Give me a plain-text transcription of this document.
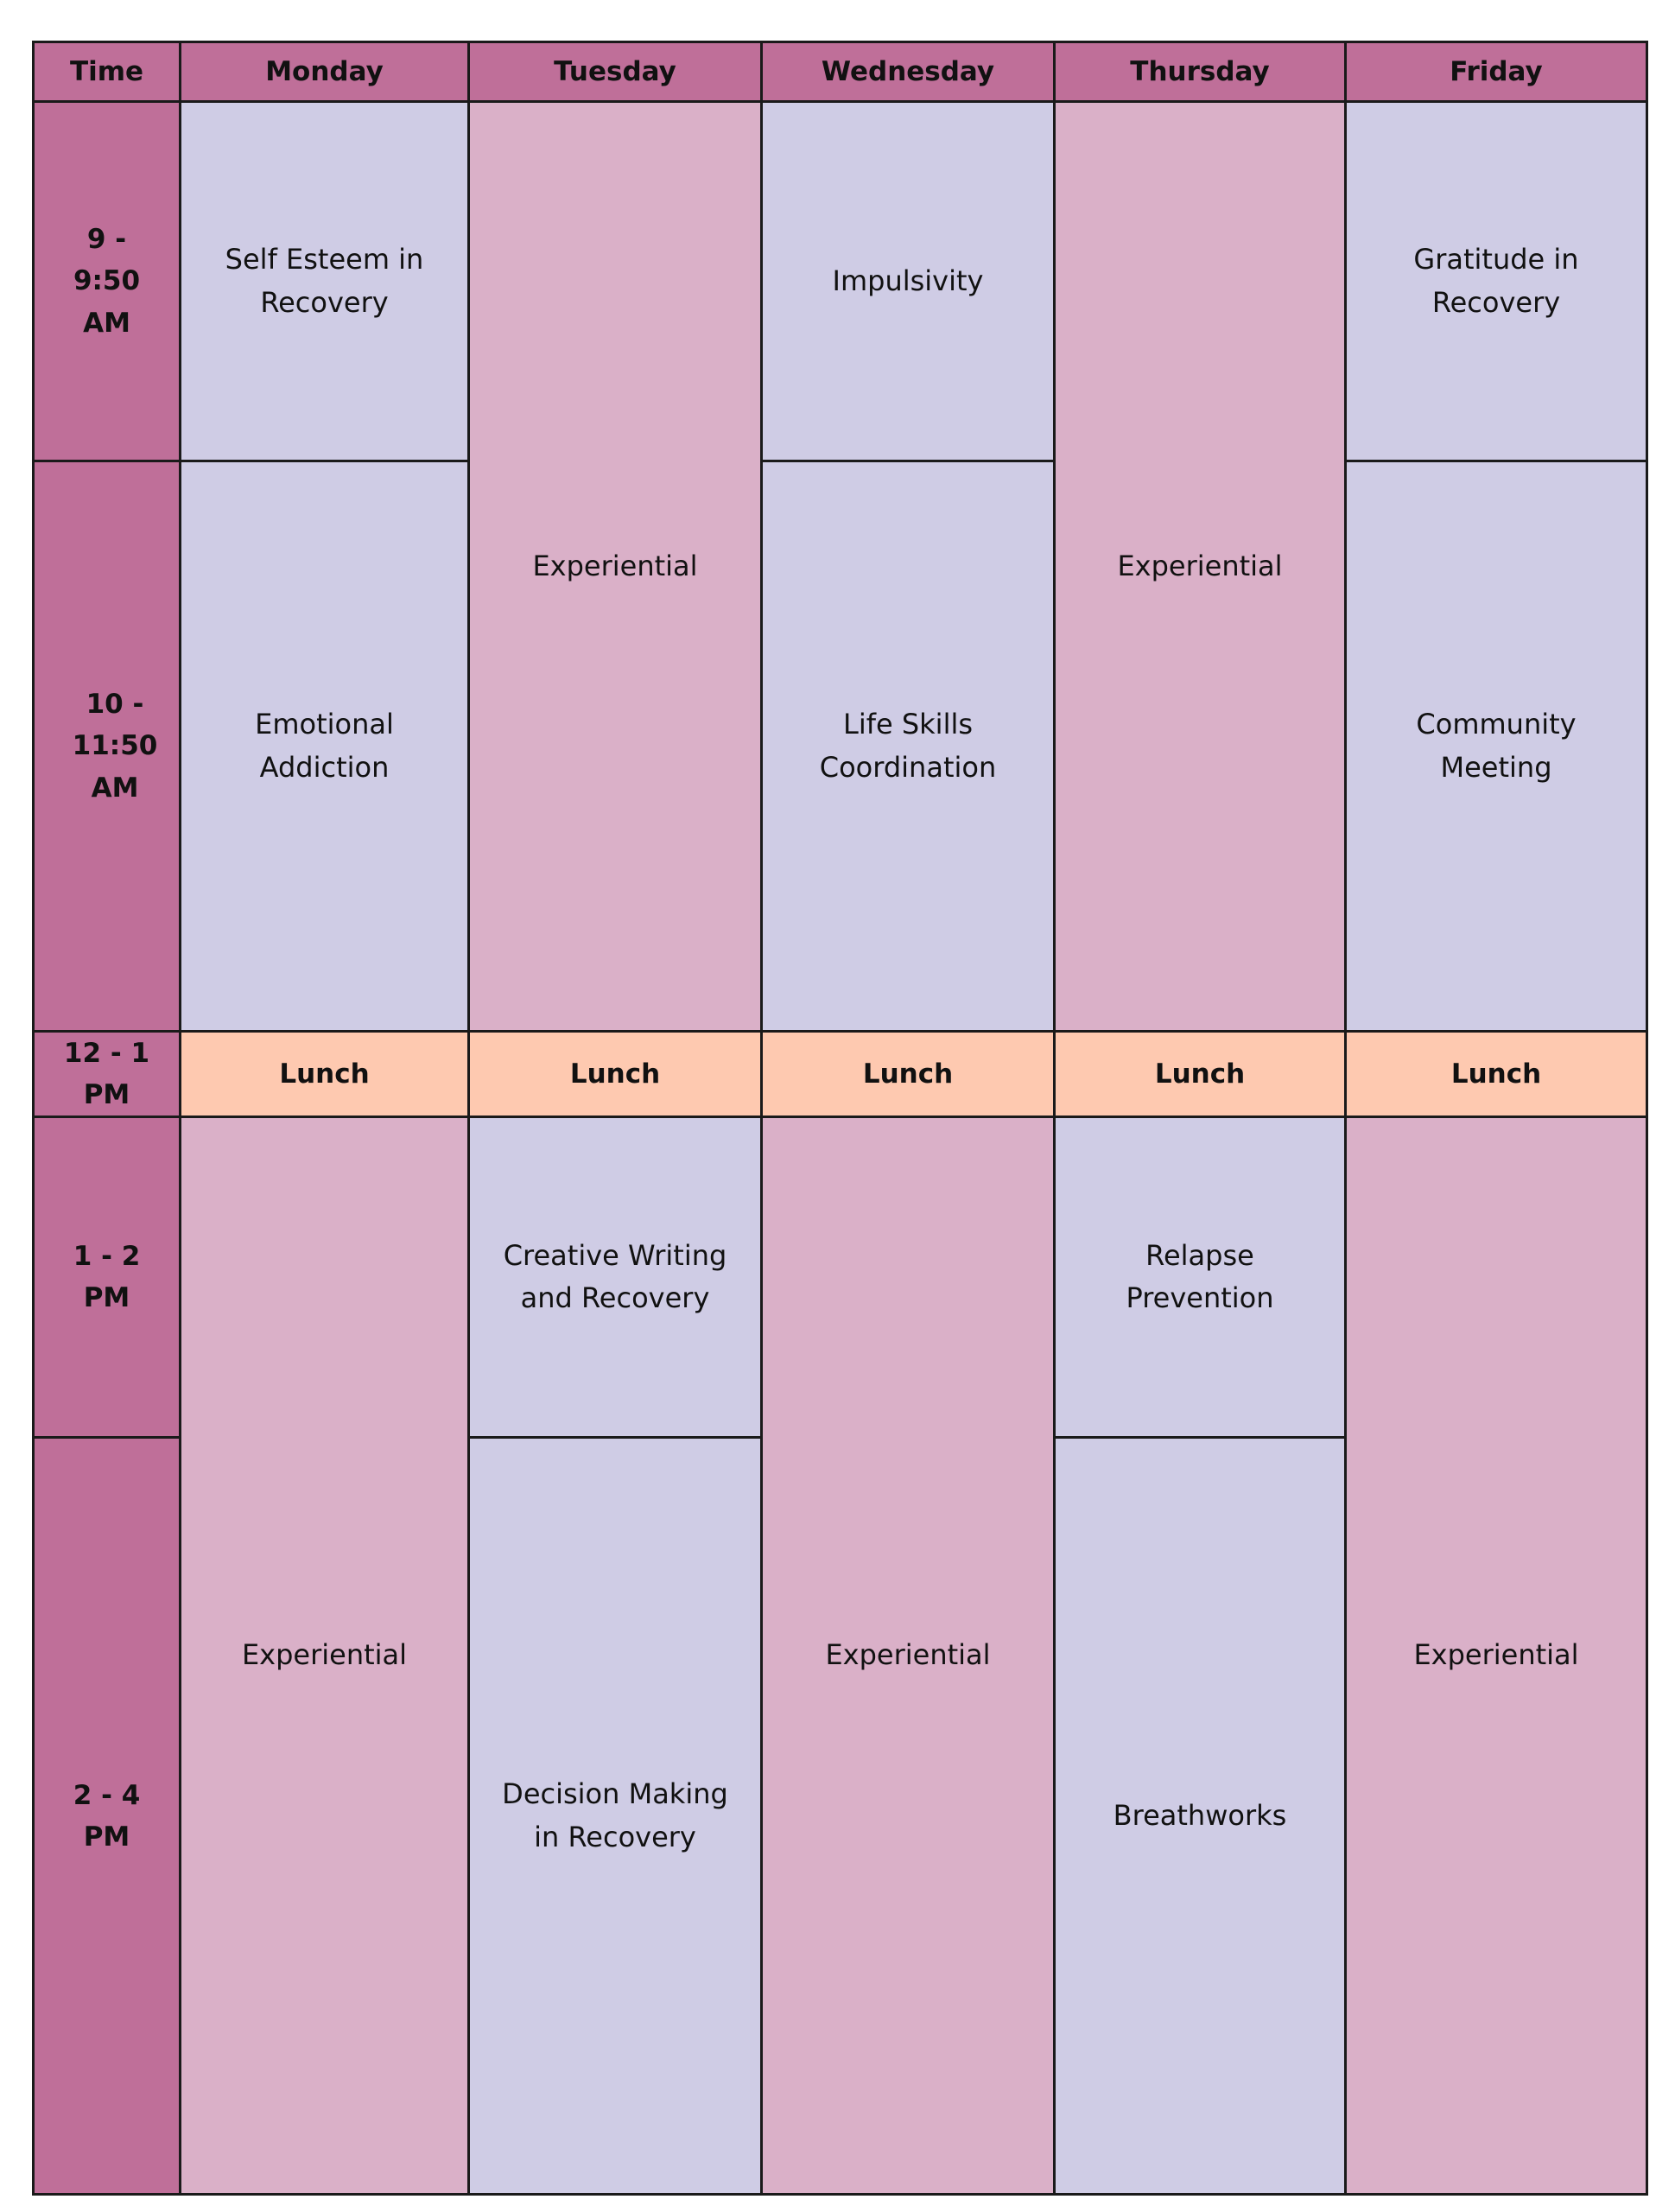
Time	Monday	Tuesday	Wednesday	Thursday	Friday
9 - 9:50 AM	Self Esteem in Recovery	Experiential	Impulsivity	Experiential	Gratitude in Recovery
10 - 11:50 AM	Emotional Addiction		Life Skills Coordination		Community Meeting
12 - 1 PM	Lunch	Lunch	Lunch	Lunch	Lunch
1 - 2 PM	Experiential	Creative Writing and Recovery	Experiential	Relapse Prevention	Experiential
2 - 4 PM		Decision Making in Recovery		Breathworks	
